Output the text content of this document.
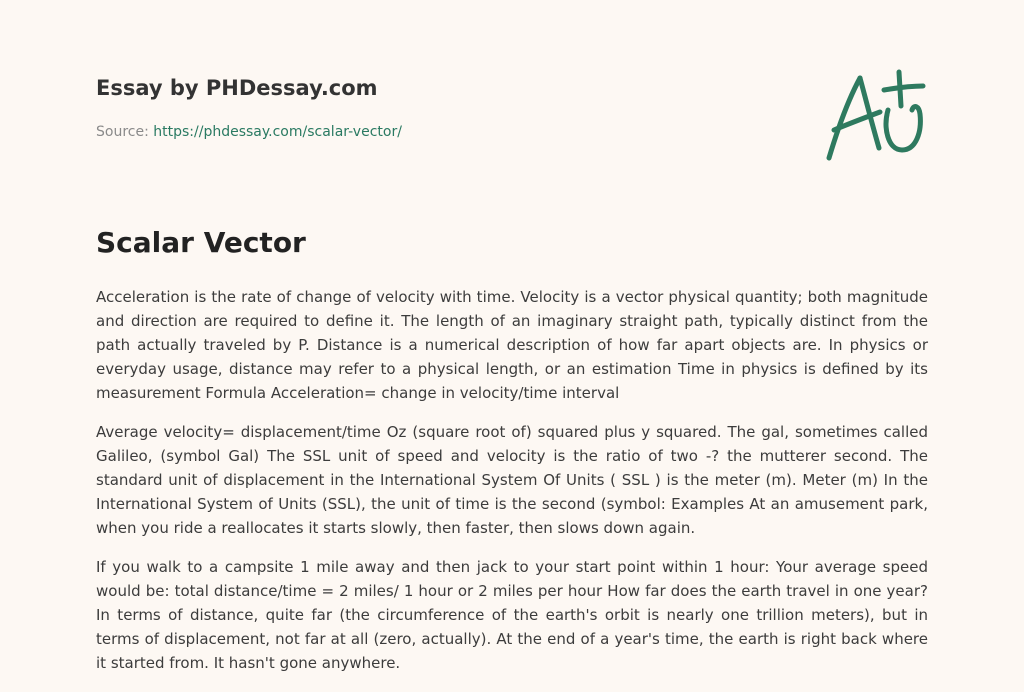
Essay by PHDessay.com
Source: https://phdessay.com/scalar-vector/
Scalar Vector

Acceleration is the rate of change of velocity with time. Velocity is a vector physical quantity; both magnitude and direction are required to define it. The length of an imaginary straight path, typically distinct from the path actually traveled by P. Distance is a numerical description of how far apart objects are. In physics or everyday usage, distance may refer to a physical length, or an estimation Time in physics is defined by its measurement Formula Acceleration= change in velocity/time interval

Average velocity= displacement/time Oz (square root of) squared plus y squared. The gal, sometimes called Galileo, (symbol Gal) The SSL unit of speed and velocity is the ratio of two -? the mutterer second. The standard unit of displacement in the International System Of Units ( SSL ) is the meter (m). Meter (m) In the International System of Units (SSL), the unit of time is the second (symbol: Examples At an amusement park, when you ride a reallocates it starts slowly, then faster, then slows down again.

If you walk to a campsite 1 mile away and then jack to your start point within 1 hour: Your average speed would be: total distance/time = 2 miles/ 1 hour or 2 miles per hour How far does the earth travel in one year? In terms of distance, quite far (the circumference of the earth's orbit is nearly one trillion meters), but in terms of displacement, not far at all (zero, actually). At the end of a year's time, the earth is right back where it started from. It hasn't gone anywhere.
